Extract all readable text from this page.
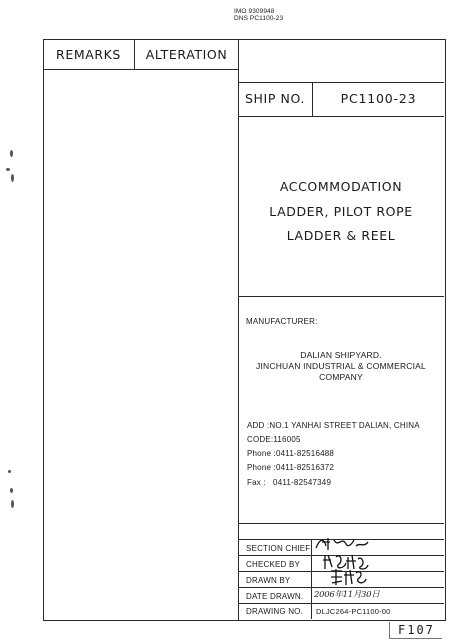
IMO 9309948
DNS PC1100-23
REMARKS	ALTERATION
SHIP NO.	PC1100-23
ACCOMMODATION
LADDER, PILOT ROPE
LADDER & REEL
MANUFACTURER:
DALIAN SHIPYARD.
JINCHUAN INDUSTRIAL & COMMERCIAL
COMPANY
ADD :NO.1 YANHAI STREET DALIAN, CHINA
CODE:116005
Phone :0411-82516488
Phone :0411-82516372
Fax :   0411-82547349
SECTION CHIEF
CHECKED BY
DRAWN BY
DATE DRAWN.
DRAWING NO. DLJC264-PC1100-00
2006年11月30日
F107
